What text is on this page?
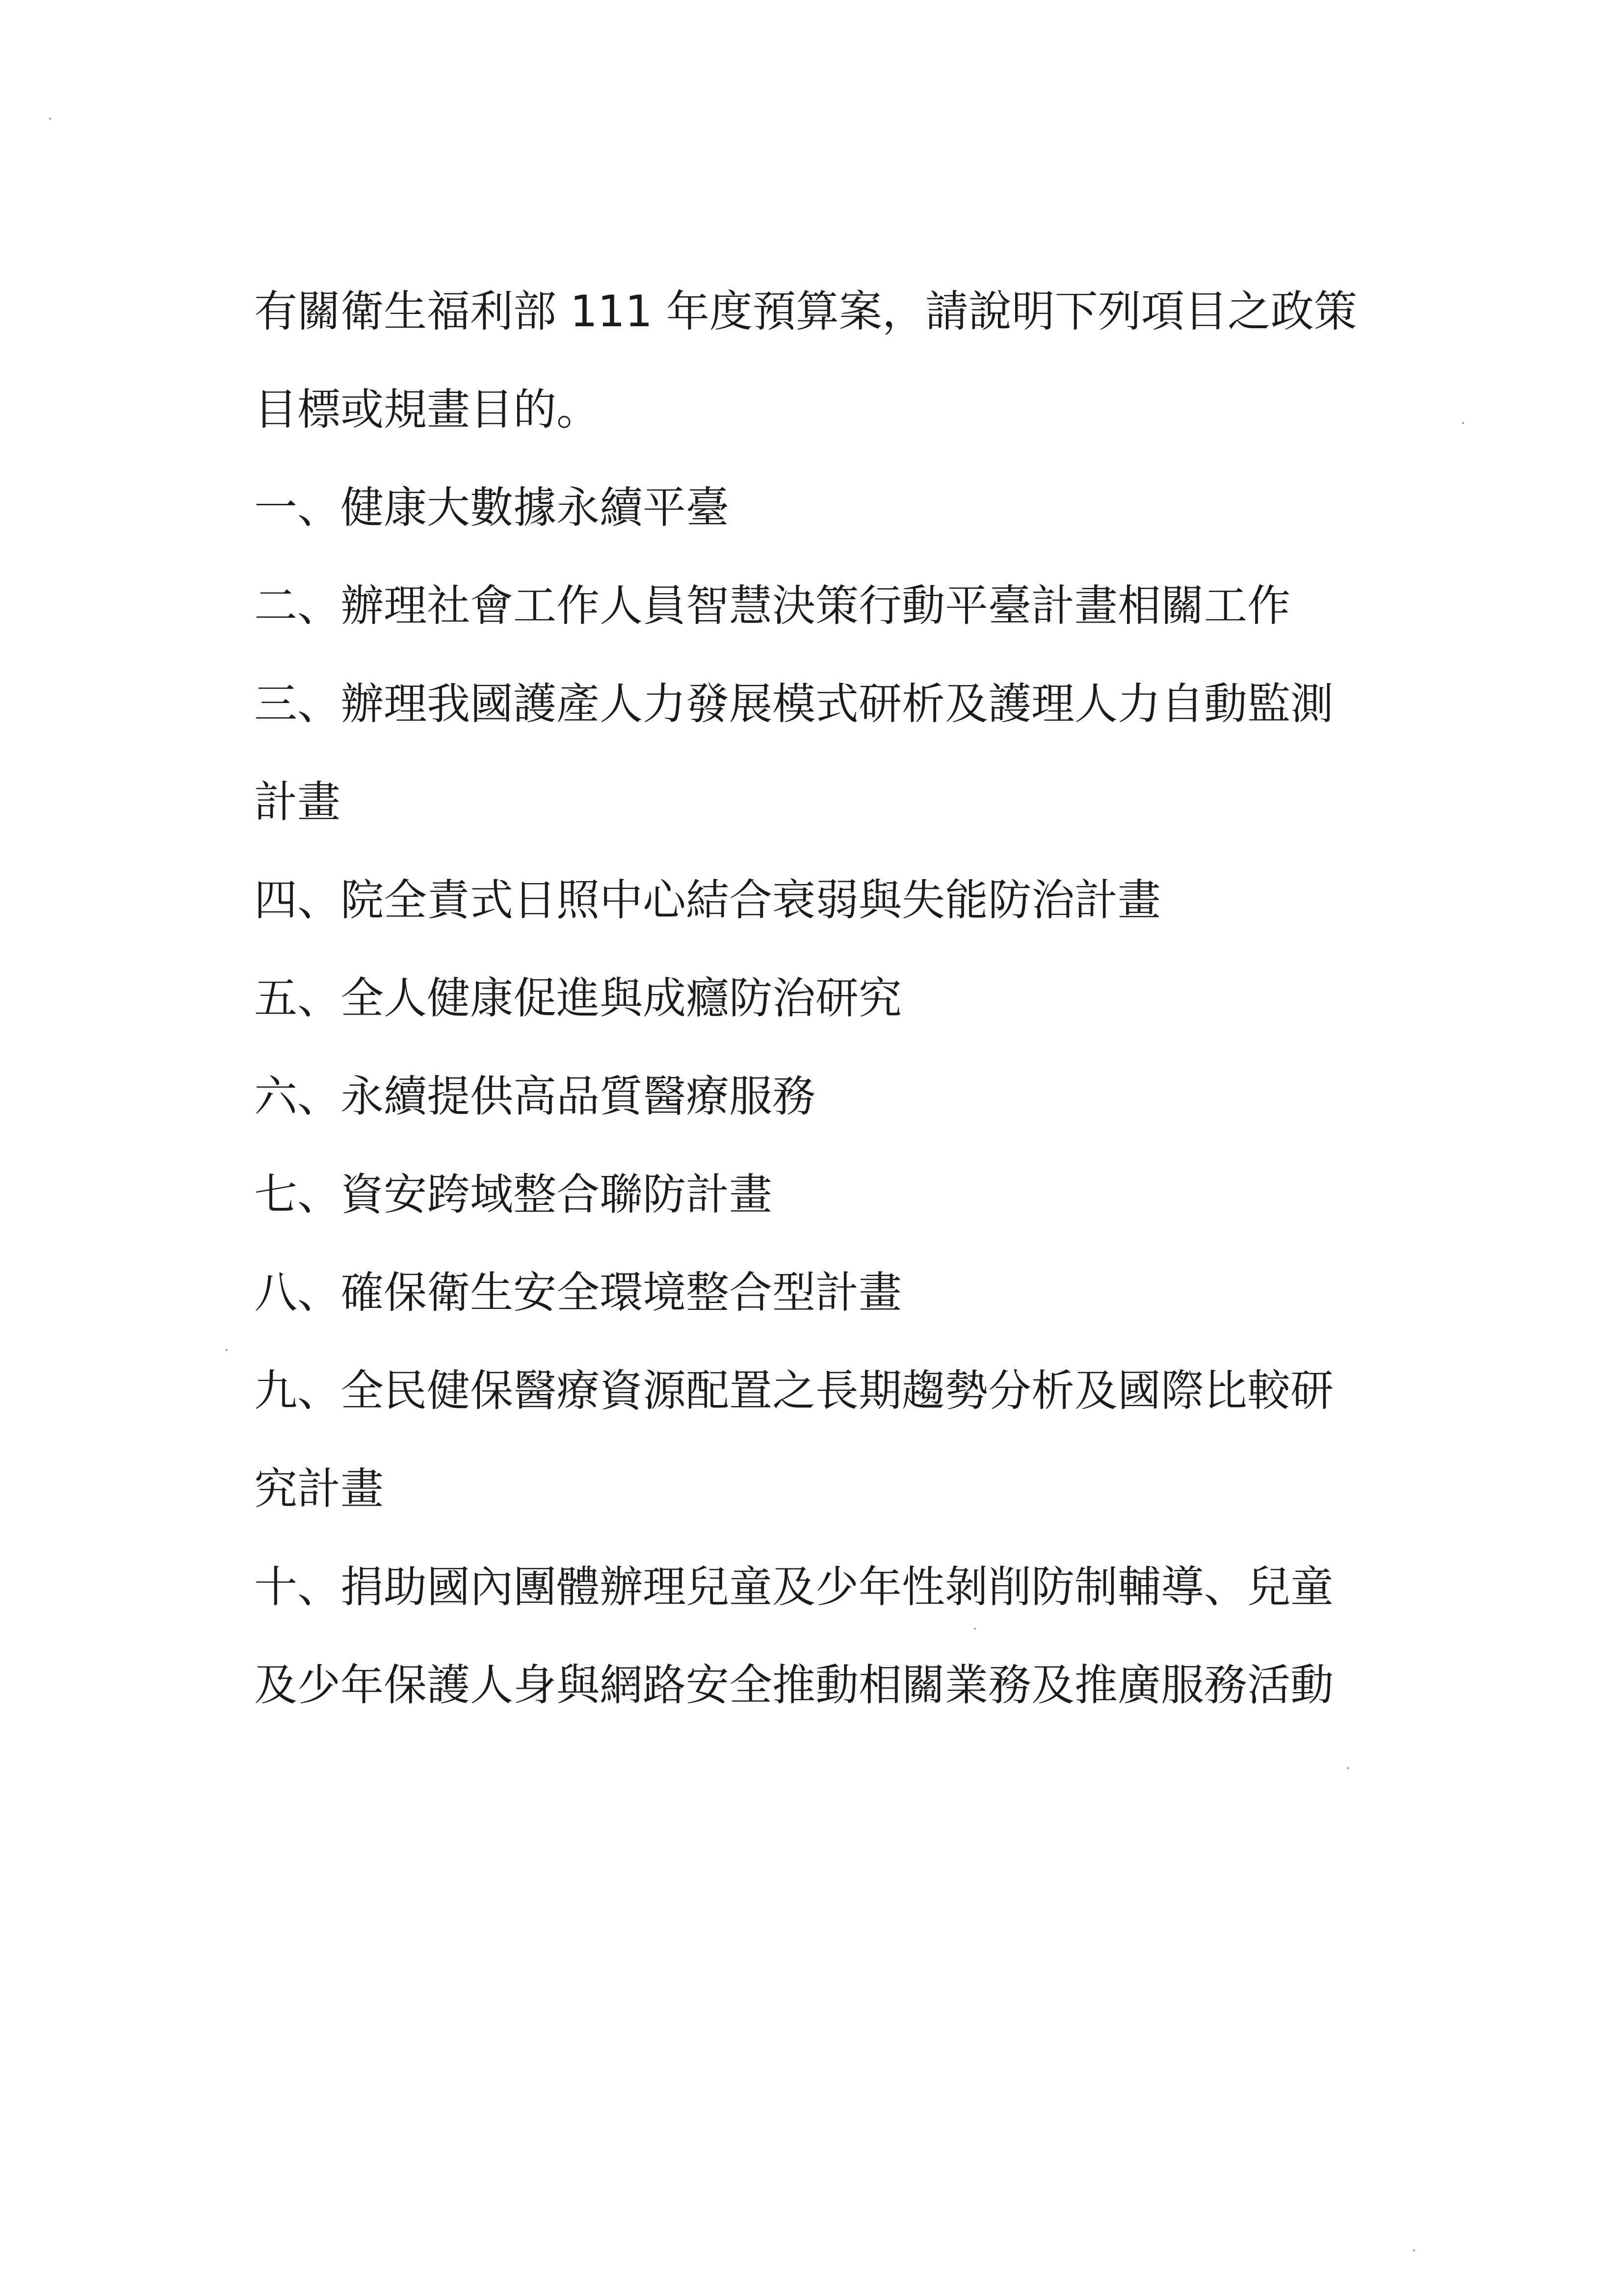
有關衛生福利部 111 年度預算案，請說明下列項目之政策
目標或規畫目的。
一、健康大數據永續平臺
二、辦理社會工作人員智慧決策行動平臺計畫相關工作
三、辦理我國護產人力發展模式研析及護理人力自動監測
計畫
四、院全責式日照中心結合衰弱與失能防治計畫
五、全人健康促進與成癮防治研究
六、永續提供高品質醫療服務
七、資安跨域整合聯防計畫
八、確保衛生安全環境整合型計畫
九、全民健保醫療資源配置之長期趨勢分析及國際比較研
究計畫
十、捐助國內團體辦理兒童及少年性剝削防制輔導、兒童
及少年保護人身與網路安全推動相關業務及推廣服務活動
